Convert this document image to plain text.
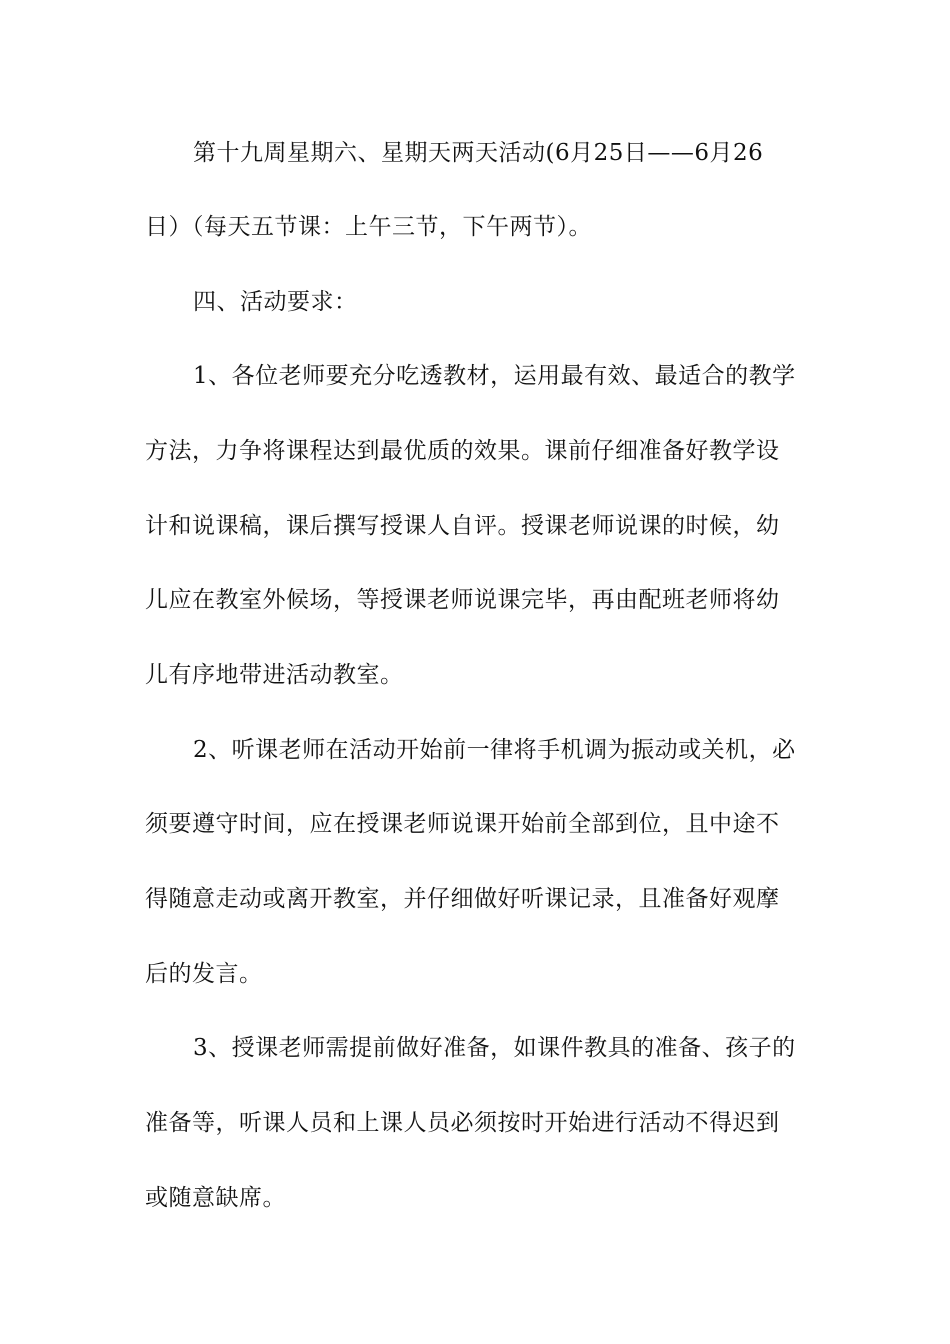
第十九周星期六、星期天两天活动(6月25日——6月26
日）（每天五节课：上午三节，下午两节）。
四、活动要求：
1、各位老师要充分吃透教材，运用最有效、最适合的教学
方法，力争将课程达到最优质的效果。课前仔细准备好教学设
计和说课稿，课后撰写授课人自评。授课老师说课的时候，幼
儿应在教室外候场，等授课老师说课完毕，再由配班老师将幼
儿有序地带进活动教室。
2、听课老师在活动开始前一律将手机调为振动或关机，必
须要遵守时间，应在授课老师说课开始前全部到位，且中途不
得随意走动或离开教室，并仔细做好听课记录，且准备好观摩
后的发言。
3、授课老师需提前做好准备，如课件教具的准备、孩子的
准备等，听课人员和上课人员必须按时开始进行活动不得迟到
或随意缺席。
